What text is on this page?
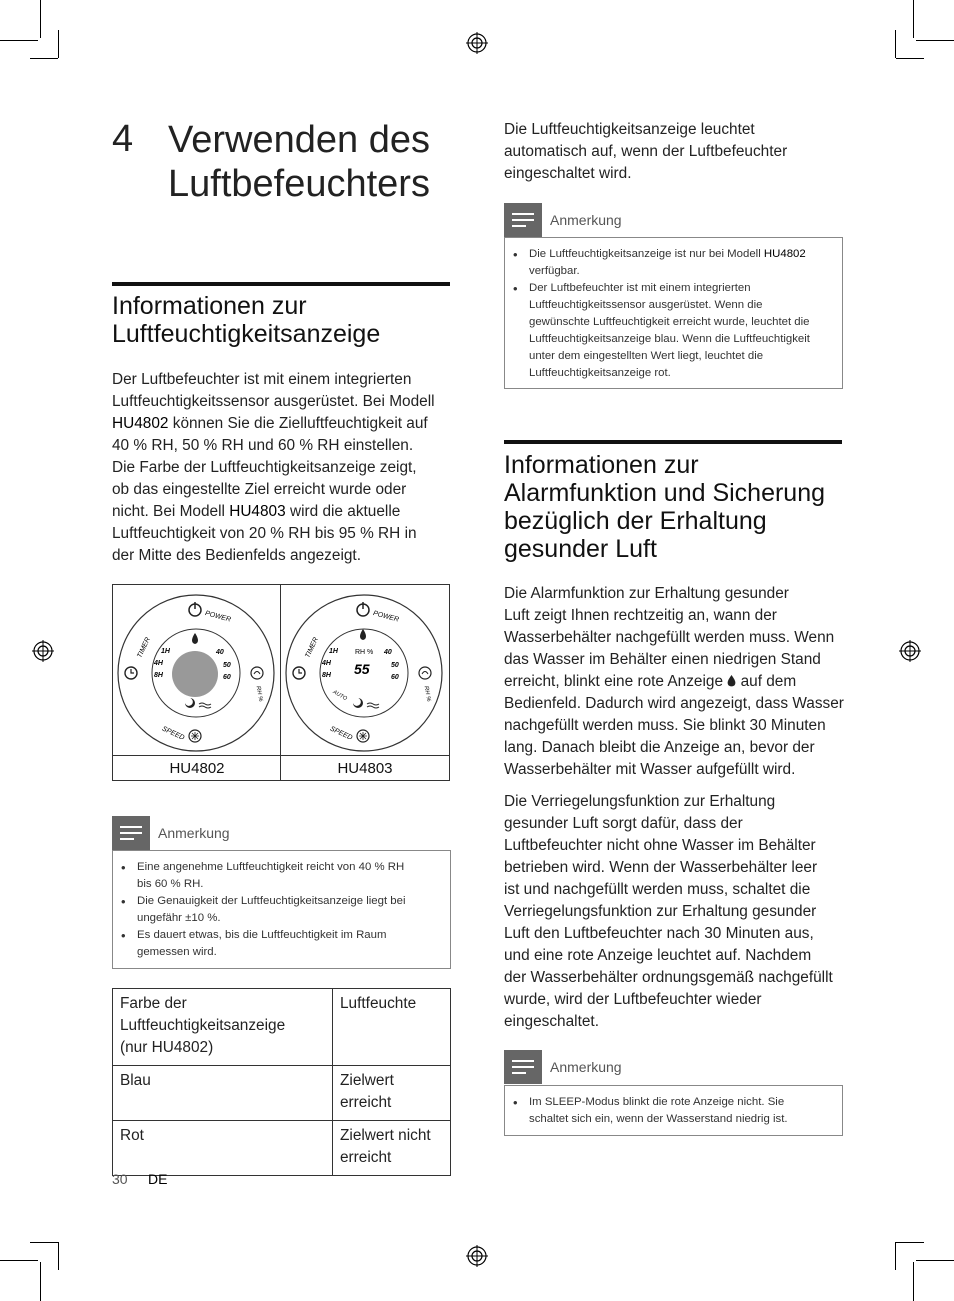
4 Verwenden des
Luftbefeuchters
Informationen zur
Luftfeuchtigkeitsanzeige
Der Luftbefeuchter ist mit einem integrierten
Luftfeuchtigkeitssensor ausgerüstet. Bei Modell
HU4802 können Sie die Zielluftfeuchtigkeit auf
40 % RH, 50 % RH und 60 % RH einstellen.
Die Farbe der Luftfeuchtigkeitsanzeige zeigt,
ob das eingestellte Ziel erreicht wurde oder
nicht. Bei Modell HU4803 wird die aktuelle
Luftfeuchtigkeit von 20 % RH bis 95 % RH in
der Mitte des Bedienfelds angezeigt.
POWER
TIMER 1H
4H
8H
40
50
60
RH %
SPEED
POWER
TIMER 1H
4H
8H
RH %
55
40
50
60
RH %
AUTO
SPEED
HU4802	HU4803
Anmerkung
• Eine angenehme Luftfeuchtigkeit reicht von 40 % RH
bis 60 % RH.
• Die Genauigkeit der Luftfeuchtigkeitsanzeige liegt bei
ungefähr ±10 %.
• Es dauert etwas, bis die Luftfeuchtigkeit im Raum
gemessen wird.
Farbe der
Luftfeuchtigkeitsanzeige
(nur HU4802)	Luftfeuchte
Blau	Zielwert
erreicht

Rot	Zielwert nicht
erreicht
30 DE
Die Luftfeuchtigkeitsanzeige leuchtet
automatisch auf, wenn der Luftbefeuchter
eingeschaltet wird.
Anmerkung
• Die Luftfeuchtigkeitsanzeige ist nur bei Modell HU4802
verfügbar.
• Der Luftbefeuchter ist mit einem integrierten
Luftfeuchtigkeitssensor ausgerüstet. Wenn die
gewünschte Luftfeuchtigkeit erreicht wurde, leuchtet die
Luftfeuchtigkeitsanzeige blau. Wenn die Luftfeuchtigkeit
unter dem eingestellten Wert liegt, leuchtet die
Luftfeuchtigkeitsanzeige rot.
Informationen zur
Alarmfunktion und Sicherung
bezüglich der Erhaltung
gesunder Luft
Die Alarmfunktion zur Erhaltung gesunder
Luft zeigt Ihnen rechtzeitig an, wann der
Wasserbehälter nachgefüllt werden muss. Wenn
das Wasser im Behälter einen niedrigen Stand
erreicht, blinkt eine rote Anzeige  auf dem
Bedienfeld. Dadurch wird angezeigt, dass Wasser
nachgefüllt werden muss. Sie blinkt 30 Minuten
lang. Danach bleibt die Anzeige an, bevor der
Wasserbehälter mit Wasser aufgefüllt wird.
Die Verriegelungsfunktion zur Erhaltung
gesunder Luft sorgt dafür, dass der
Luftbefeuchter nicht ohne Wasser im Behälter
betrieben wird. Wenn der Wasserbehälter leer
ist und nachgefüllt werden muss, schaltet die
Verriegelungsfunktion zur Erhaltung gesunder
Luft den Luftbefeuchter nach 30 Minuten aus,
und eine rote Anzeige leuchtet auf. Nachdem
der Wasserbehälter ordnungsgemäß nachgefüllt
wurde, wird der Luftbefeuchter wieder
eingeschaltet.
Anmerkung
• Im SLEEP-Modus blinkt die rote Anzeige nicht. Sie
schaltet sich ein, wenn der Wasserstand niedrig ist.
